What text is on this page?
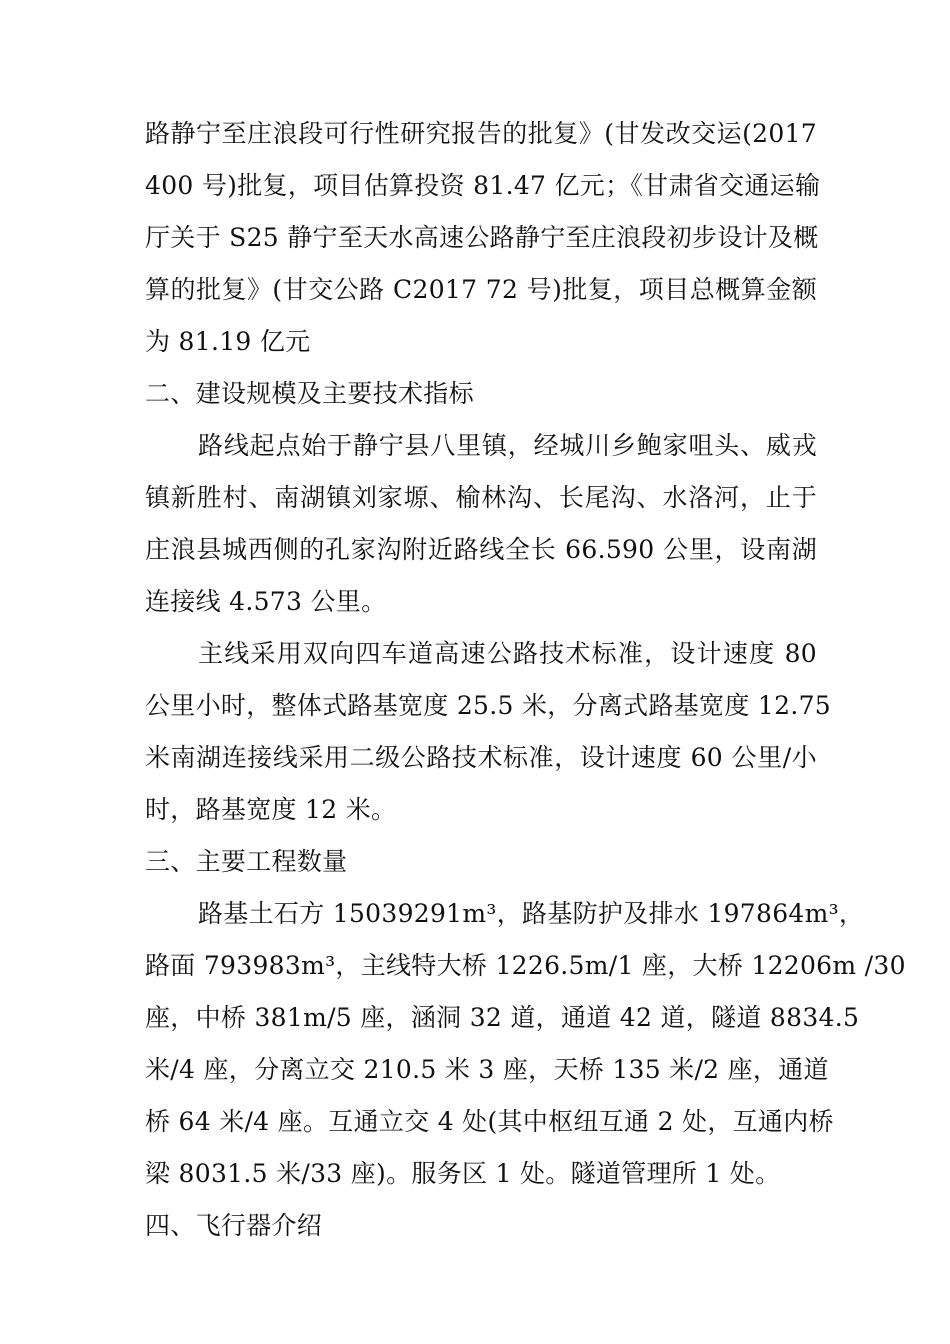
路静宁至庄浪段可行性研究报告的批复》(甘发改交运(2017
400 号)批复，项目估算投资 81.47 亿元；《甘肃省交通运输
厅关于 S25 静宁至天水高速公路静宁至庄浪段初步设计及概
算的批复》(甘交公路 C2017 72 号)批复，项目总概算金额
为 81.19 亿元
二、建设规模及主要技术指标
路线起点始于静宁县八里镇，经城川乡鲍家咀头、威戎
镇新胜村、南湖镇刘家塬、榆林沟、长尾沟、水洛河，止于
庄浪县城西侧的孔家沟附近路线全长 66.590 公里，设南湖
连接线 4.573 公里。
主线采用双向四车道高速公路技术标准，设计速度 80
公里小时，整体式路基宽度 25.5 米，分离式路基宽度 12.75
米南湖连接线采用二级公路技术标准，设计速度 60 公里/小
时，路基宽度 12 米。
三、主要工程数量
路基土石方 15039291m³，路基防护及排水 197864m³，
路面 793983m³，主线特大桥 1226.5m/1 座，大桥 12206m /30
座，中桥 381m/5 座，涵洞 32 道，通道 42 道，隧道 8834.5
米/4 座，分离立交 210.5 米 3 座，天桥 135 米/2 座，通道
桥 64 米/4 座。互通立交 4 处(其中枢纽互通 2 处，互通内桥
梁 8031.5 米/33 座)。服务区 1 处。隧道管理所 1 处。
四、飞行器介绍
